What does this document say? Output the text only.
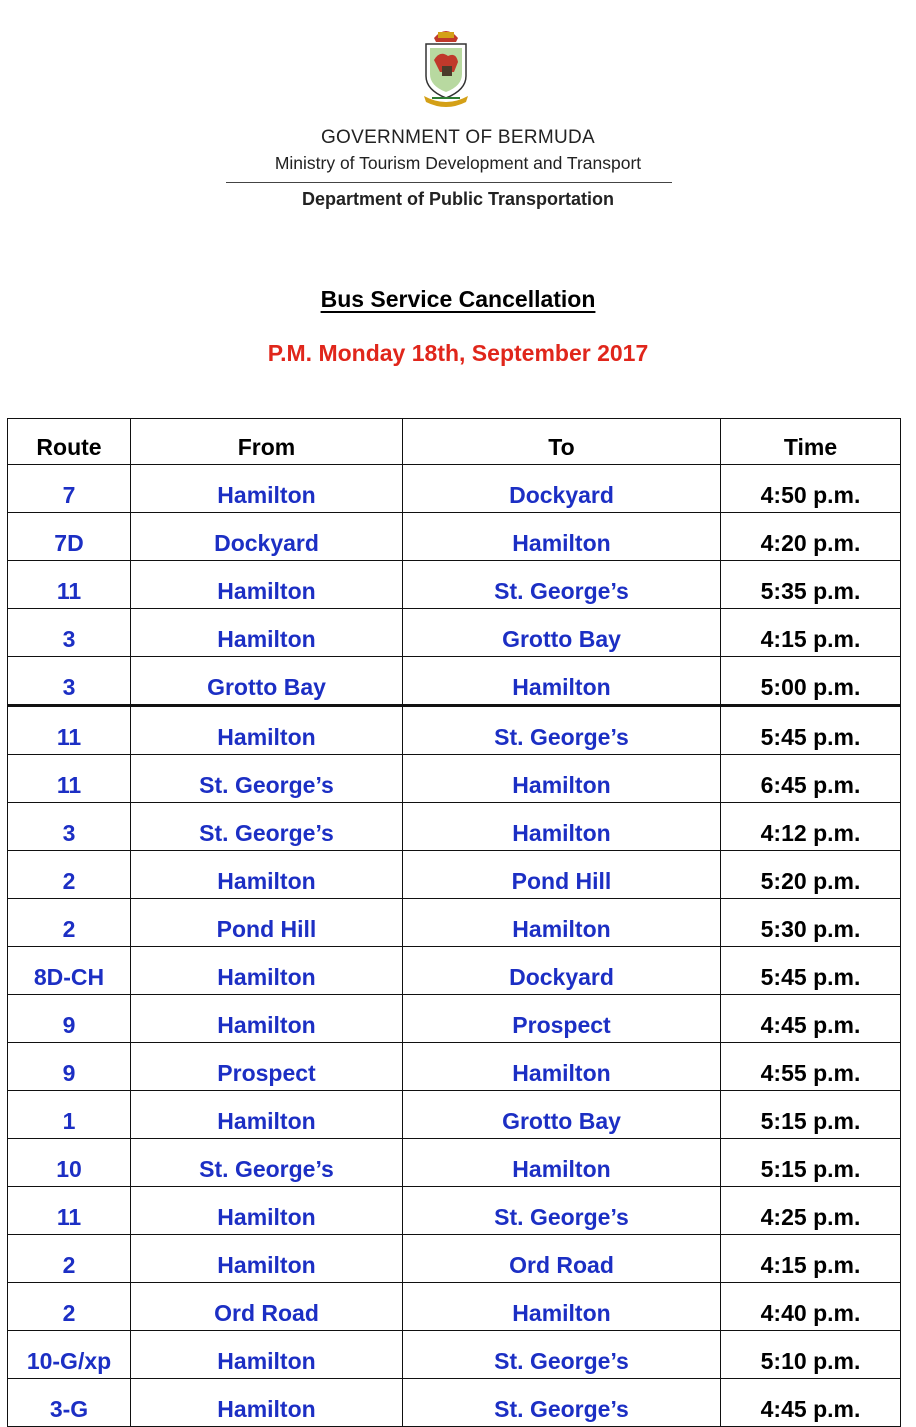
GOVERNMENT OF BERMUDA
Ministry of Tourism Development and Transport
Department of Public Transportation
Bus Service Cancellation
P.M. Monday 18th, September 2017
Route	From	To	Time
7	Hamilton	Dockyard	4:50 p.m.
7D	Dockyard	Hamilton	4:20 p.m.
11	Hamilton	St. George’s	5:35 p.m.
3	Hamilton	Grotto Bay	4:15 p.m.
3	Grotto Bay	Hamilton	5:00 p.m.
11	Hamilton	St. George’s	5:45 p.m.
11	St. George’s	Hamilton	6:45 p.m.
3	St. George’s	Hamilton	4:12 p.m.
2	Hamilton	Pond Hill	5:20 p.m.
2	Pond Hill	Hamilton	5:30 p.m.
8D-CH	Hamilton	Dockyard	5:45 p.m.
9	Hamilton	Prospect	4:45 p.m.
9	Prospect	Hamilton	4:55 p.m.
1	Hamilton	Grotto Bay	5:15 p.m.
10	St. George’s	Hamilton	5:15 p.m.
11	Hamilton	St. George’s	4:25 p.m.
2	Hamilton	Ord Road	4:15 p.m.
2	Ord Road	Hamilton	4:40 p.m.
10-G/xp	Hamilton	St. George’s	5:10 p.m.
3-G	Hamilton	St. George’s	4:45 p.m.
